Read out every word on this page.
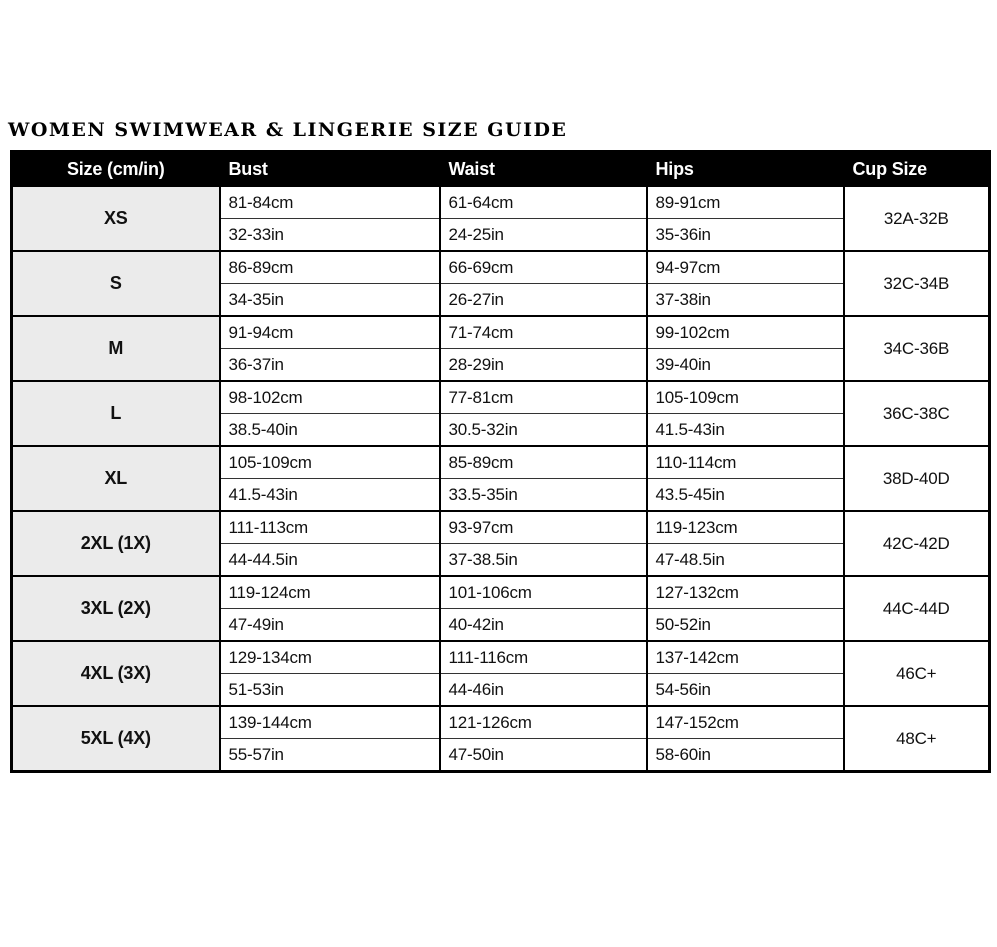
WOMEN SWIMWEAR & LINGERIE SIZE GUIDE
Size (cm/in)	Bust	Waist	Hips	Cup Size
XS	81-84cm	61-64cm	89-91cm	32A-32B
	32-33in	24-25in	35-36in	
S	86-89cm	66-69cm	94-97cm	32C-34B
	34-35in	26-27in	37-38in	
M	91-94cm	71-74cm	99-102cm	34C-36B
	36-37in	28-29in	39-40in	
L	98-102cm	77-81cm	105-109cm	36C-38C
	38.5-40in	30.5-32in	41.5-43in	
XL	105-109cm	85-89cm	110-114cm	38D-40D
	41.5-43in	33.5-35in	43.5-45in	
2XL (1X)	111-113cm	93-97cm	119-123cm	42C-42D
	44-44.5in	37-38.5in	47-48.5in	
3XL (2X)	119-124cm	101-106cm	127-132cm	44C-44D
	47-49in	40-42in	50-52in	
4XL (3X)	129-134cm	111-116cm	137-142cm	46C+
	51-53in	44-46in	54-56in	
5XL (4X)	139-144cm	121-126cm	147-152cm	48C+
	55-57in	47-50in	58-60in	
